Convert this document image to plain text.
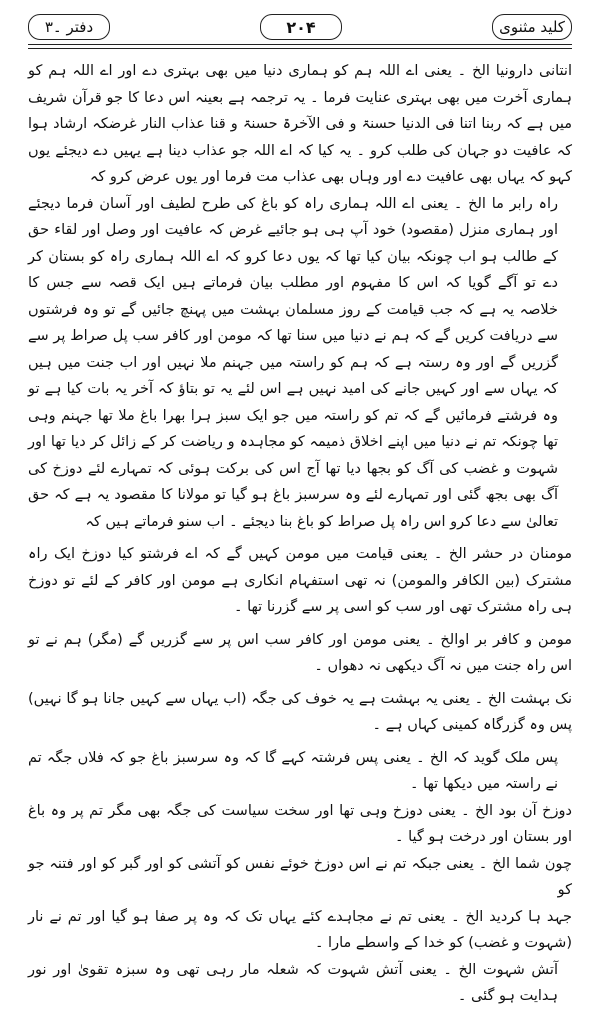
کلید مثنوی
۲۰۴
دفتر ۔۳

انتانی دارونیا الخ ۔ یعنی اے اللہ ہم کو ہماری دنیا میں بھی بہتری دے اور اے اللہ ہم کو ہماری آخرت میں بھی بہتری عنایت فرما ۔ یہ ترجمہ ہے بعینہ اس دعا کا جو قرآن شریف میں ہے کہ ربنا اتنا فی الدنیا حسنۃ و فی الآخرۃ حسنۃ و قنا عذاب النار غرضکہ ارشاد ہوا کہ عافیت دو جہان کی طلب کرو ۔ یہ کیا کہ اے اللہ جو عذاب دینا ہے یہیں دے دیجئے یوں کہو کہ یہاں بھی عافیت دے اور وہاں بھی عذاب مت فرما اور یوں عرض کرو کہ

راہ رابر ما الخ ۔ یعنی اے اللہ ہماری راہ کو باغ کی طرح لطیف اور آسان فرما دیجئے اور ہماری منزل (مقصود) خود آپ ہی ہو جائیے غرض کہ عافیت اور وصل اور لقاء حق کے طالب ہو اب چونکہ بیان کیا تھا کہ یوں دعا کرو کہ اے اللہ ہماری راہ کو بستان کر دے تو آگے گویا کہ اس کا مفہوم اور مطلب بیان فرماتے ہیں ایک قصہ سے جس کا خلاصہ یہ ہے کہ جب قیامت کے روز مسلمان بہشت میں پہنچ جائیں گے تو وہ فرشتوں سے دریافت کریں گے کہ ہم نے دنیا میں سنا تھا کہ مومن اور کافر سب پل صراط پر سے گزریں گے اور وہ رستہ ہے کہ ہم کو راستہ میں جہنم ملا نہیں اور اب جنت میں ہیں کہ یہاں سے اور کہیں جانے کی امید نہیں ہے اس لئے یہ تو بتاؤ کہ آخر یہ بات کیا ہے تو وہ فرشتے فرمائیں گے کہ تم کو راستہ میں جو ایک سبز ہرا بھرا باغ ملا تھا جہنم وہی تھا چونکہ تم نے دنیا میں اپنے اخلاق ذمیمہ کو مجاہدہ و ریاضت کر کے زائل کر دیا تھا اور شہوت و غضب کی آگ کو بجھا دیا تھا آج اس کی برکت ہوئی کہ تمہارے لئے دوزخ کی آگ بھی بجھ گئی اور تمہارے لئے وہ سرسبز باغ ہو گیا تو مولانا کا مقصود یہ ہے کہ حق تعالیٰ سے دعا کرو اس راہ پل صراط کو باغ بنا دیجئے ۔ اب سنو فرماتے ہیں کہ

مومنان در حشر الخ ۔ یعنی قیامت میں مومن کہیں گے کہ اے فرشتو کیا دوزخ ایک راہ مشترک (بین الکافر والمومن) نہ تھی استفہام انکاری ہے مومن اور کافر کے لئے تو دوزخ ہی راہ مشترک تھی اور سب کو اسی پر سے گزرنا تھا ۔

مومن و کافر بر اوالخ ۔ یعنی مومن اور کافر سب اس پر سے گزریں گے (مگر) ہم نے تو اس راہ جنت میں نہ آگ دیکھی نہ دھواں ۔

نک بہشت الخ ۔ یعنی یہ بہشت ہے یہ خوف کی جگہ (اب یہاں سے کہیں جانا ہو گا نہیں) پس وہ گزرگاہ کمینی کہاں ہے ۔

پس ملک گوید کہ الخ ۔ یعنی پس فرشتہ کہے گا کہ وہ سرسبز باغ جو کہ فلاں جگہ تم نے راستہ میں دیکھا تھا ۔

دوزخ آن بود الخ ۔ یعنی دوزخ وہی تھا اور سخت سیاست کی جگہ بھی مگر تم پر وہ باغ اور بستان اور درخت ہو گیا ۔

چون شما الخ ۔ یعنی جبکہ تم نے اس دوزخ خوئے نفس کو آتشی کو اور گبر کو اور فتنہ جو کو

جہد ہا کردید الخ ۔ یعنی تم نے مجاہدے کئے یہاں تک کہ وہ پر صفا ہو گیا اور تم نے نار (شہوت و غضب) کو خدا کے واسطے مارا ۔

آتش شہوت الخ ۔ یعنی آتش شہوت کہ شعلہ مار رہی تھی وہ سبزہ تقویٰ اور نور ہدایت ہو گئی ۔
